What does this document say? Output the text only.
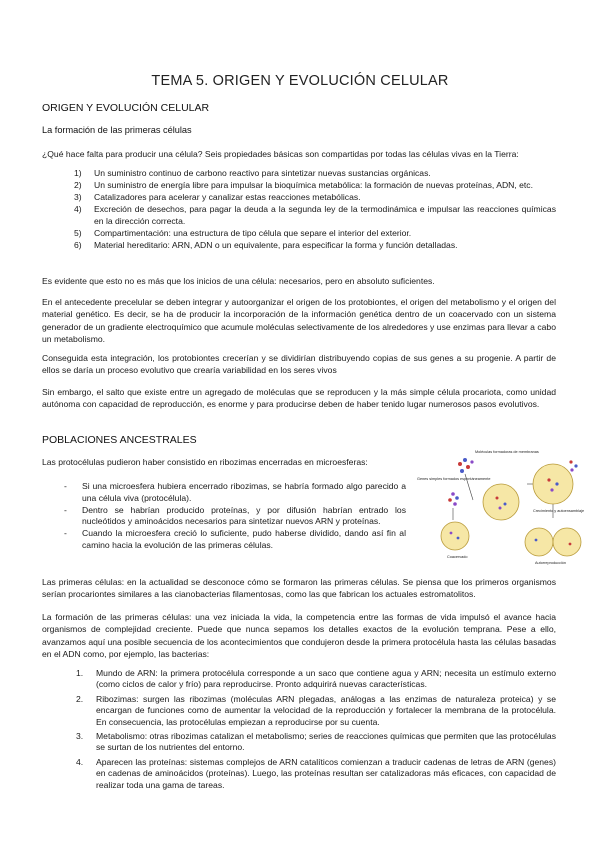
TEMA 5. ORIGEN Y EVOLUCIÓN CELULAR
ORIGEN Y EVOLUCIÓN CELULAR
La formación de las primeras células

¿Qué hace falta para producir una célula? Seis propiedades básicas son compartidas por todas las células vivas en la Tierra:

1) Un suministro continuo de carbono reactivo para sintetizar nuevas sustancias orgánicas.
2) Un suministro de energía libre para impulsar la bioquímica metabólica: la formación de nuevas proteínas, ADN, etc.
3) Catalizadores para acelerar y canalizar estas reacciones metabólicas.
4) Excreción de desechos, para pagar la deuda a la segunda ley de la termodinámica e impulsar las reacciones químicas en la dirección correcta.
5) Compartimentación: una estructura de tipo célula que separe el interior del exterior.
6) Material hereditario: ARN, ADN o un equivalente, para especificar la forma y función detalladas.

Es evidente que esto no es más que los inicios de una célula: necesarios, pero en absoluto suficientes.

En el antecedente precelular se deben integrar y autoorganizar el origen de los protobiontes, el origen del metabolismo y el origen del material genético. Es decir, se ha de producir la incorporación de la información genética dentro de un coacervado con un sistema generador de un gradiente electroquímico que acumule moléculas selectivamente de los alrededores y use enzimas para llevar a cabo un metabolismo.

Conseguida esta integración, los protobiontes crecerían y se dividirían distribuyendo copias de sus genes a su progenie. A partir de ellos se daría un proceso evolutivo que crearía variabilidad en los seres vivos

Sin embargo, el salto que existe entre un agregado de moléculas que se reproducen y la más simple célula procariota, como unidad autónoma con capacidad de reproducción, es enorme y para producirse deben de haber tenido lugar numerosos pasos evolutivos.

POBLACIONES ANCESTRALES

Las protocélulas pudieron haber consistido en ribozimas encerradas en microesferas:

- Si una microesfera hubiera encerrado ribozimas, se habría formado algo parecido a una célula viva (protocélula).
- Dentro se habrían producido proteínas, y por difusión habrían entrado los nucleótidos y aminoácidos necesarios para sintetizar nuevos ARN y proteínas.
- Cuando la microesfera creció lo suficiente, pudo haberse dividido, dando así fin al camino hacia la evolución de las primeras células.
Moléculas formadoras de membranas
Genes simples formados espontáneamente
Coacervado
Crecimiento y autoensamblaje
Autorreproducción

Las primeras células: en la actualidad se desconoce cómo se formaron las primeras células. Se piensa que los primeros organismos serían procariontes similares a las cianobacterias filamentosas, como las que fabrican los actuales estromatolitos.

La formación de las primeras células: una vez iniciada la vida, la competencia entre las formas de vida impulsó el avance hacia organismos de complejidad creciente. Puede que nunca sepamos los detalles exactos de la evolución temprana. Pese a ello, avanzamos aquí una posible secuencia de los acontecimientos que condujeron desde la primera protocélula hasta las células basadas en el ADN como, por ejemplo, las bacterias:

1. Mundo de ARN: la primera protocélula corresponde a un saco que contiene agua y ARN; necesita un estímulo externo (como ciclos de calor y frío) para reproducirse. Pronto adquirirá nuevas características.
2. Ribozimas: surgen las ribozimas (moléculas ARN plegadas, análogas a las enzimas de naturaleza proteica) y se encargan de funciones como de aumentar la velocidad de la reproducción y fortalecer la membrana de la protocélula. En consecuencia, las protocélulas empiezan a reproducirse por su cuenta.
3. Metabolismo: otras ribozimas catalizan el metabolismo; series de reacciones químicas que permiten que las protocélulas se surtan de los nutrientes del entorno.
4. Aparecen las proteínas: sistemas complejos de ARN catalíticos comienzan a traducir cadenas de letras de ARN (genes) en cadenas de aminoácidos (proteínas). Luego, las proteínas resultan ser catalizadoras más eficaces, con capacidad de realizar toda una gama de tareas.
